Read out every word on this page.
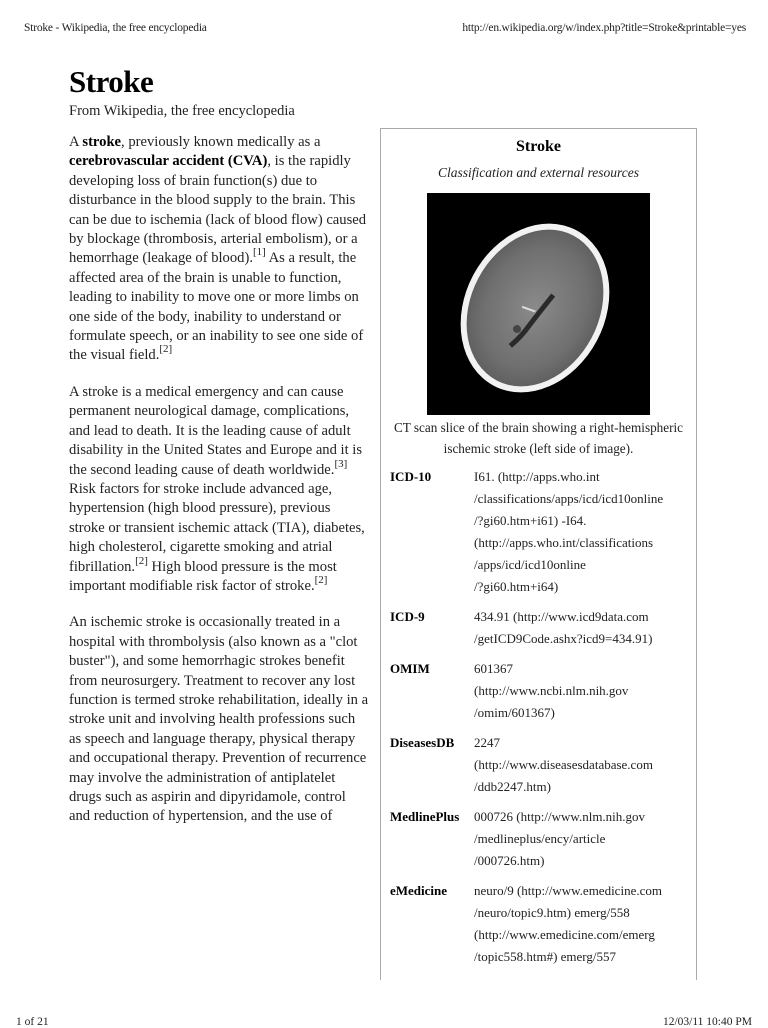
Stroke - Wikipedia, the free encyclopedia	http://en.wikipedia.org/w/index.php?title=Stroke&printable=yes
Stroke
From Wikipedia, the free encyclopedia

A stroke, previously known medically as a cerebrovascular accident (CVA), is the rapidly developing loss of brain function(s) due to disturbance in the blood supply to the brain. This can be due to ischemia (lack of blood flow) caused by blockage (thrombosis, arterial embolism), or a hemorrhage (leakage of blood).[1] As a result, the affected area of the brain is unable to function, leading to inability to move one or more limbs on one side of the body, inability to understand or formulate speech, or an inability to see one side of the visual field.[2]

A stroke is a medical emergency and can cause permanent neurological damage, complications, and lead to death. It is the leading cause of adult disability in the United States and Europe and it is the second leading cause of death worldwide.[3] Risk factors for stroke include advanced age, hypertension (high blood pressure), previous stroke or transient ischemic attack (TIA), diabetes, high cholesterol, cigarette smoking and atrial fibrillation.[2] High blood pressure is the most important modifiable risk factor of stroke.[2]

An ischemic stroke is occasionally treated in a hospital with thrombolysis (also known as a "clot buster"), and some hemorrhagic strokes benefit from neurosurgery. Treatment to recover any lost function is termed stroke rehabilitation, ideally in a stroke unit and involving health professions such as speech and language therapy, physical therapy and occupational therapy. Prevention of recurrence may involve the administration of antiplatelet drugs such as aspirin and dipyridamole, control and reduction of hypertension, and the use of

Stroke
Classification and external resources
CT scan slice of the brain showing a right-hemispheric ischemic stroke (left side of image).
ICD-10	I61. (http://apps.who.int
/classifications/apps/icd/icd10online
/?gi60.htm+i61) -I64.
(http://apps.who.int/classifications
/apps/icd/icd10online
/?gi60.htm+i64)
ICD-9	434.91 (http://www.icd9data.com
/getICD9Code.ashx?icd9=434.91)
OMIM	601367
(http://www.ncbi.nlm.nih.gov
/omim/601367)
DiseasesDB	2247
(http://www.diseasesdatabase.com
/ddb2247.htm)
MedlinePlus	000726 (http://www.nlm.nih.gov
/medlineplus/ency/article
/000726.htm)
eMedicine	neuro/9 (http://www.emedicine.com
/neuro/topic9.htm) emerg/558
(http://www.emedicine.com/emerg
/topic558.htm#) emerg/557
1 of 21	12/03/11 10:40 PM
